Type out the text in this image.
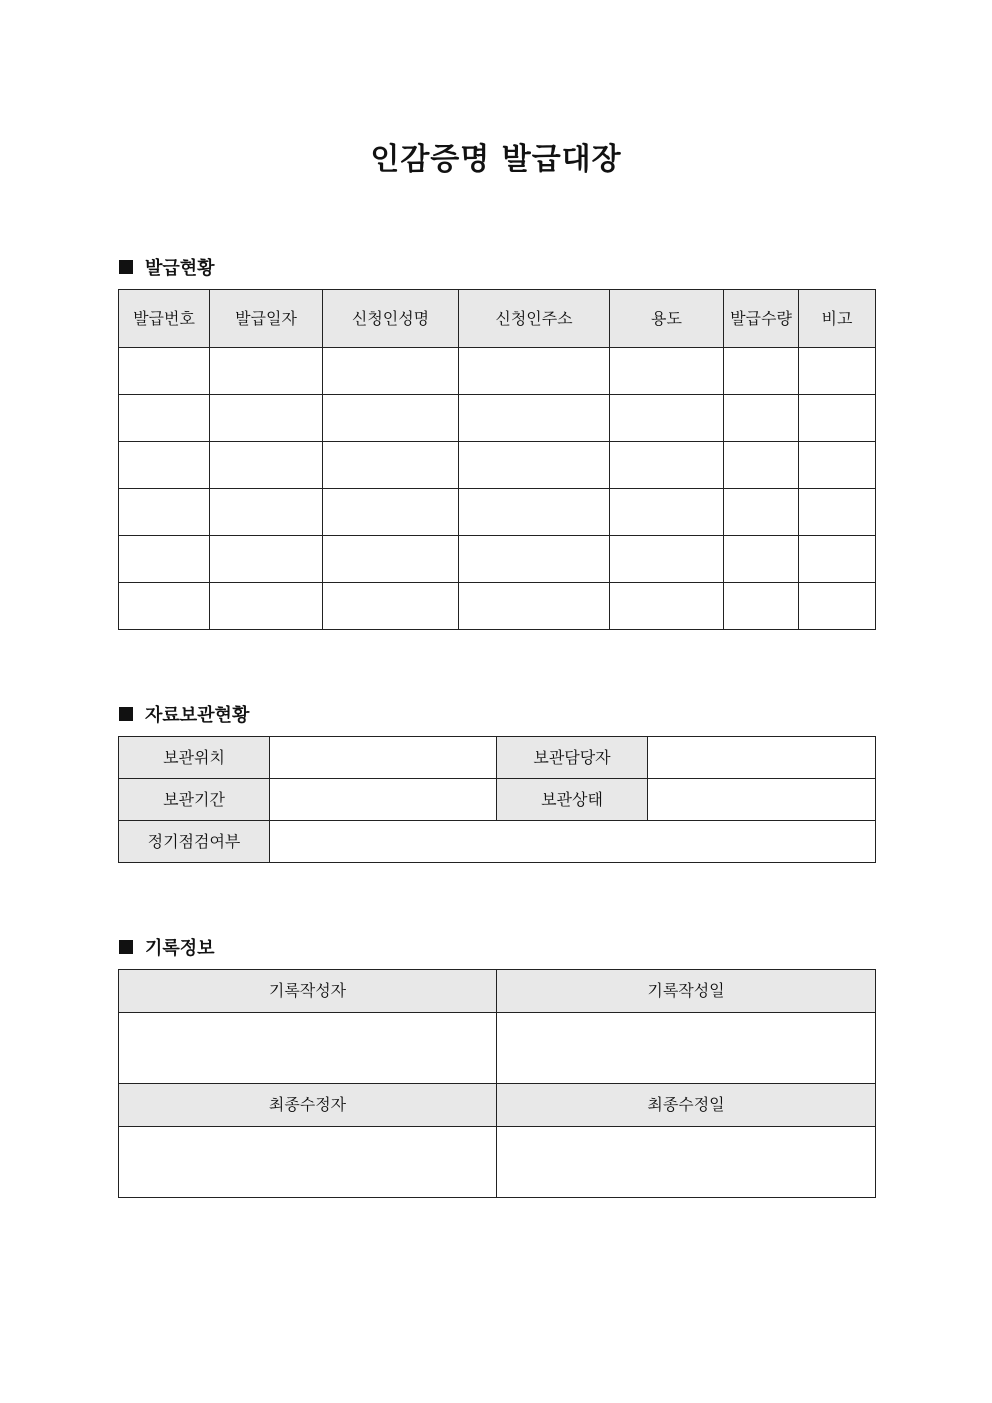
인감증명 발급대장
발급현황
발급번호	발급일자	신청인성명	신청인주소	용도	발급수량	비고

자료보관현황
보관위치		보관담당자	
보관기간		보관상태	
정기점검여부			
기록정보
기록작성자	기록작성일

최종수정자	최종수정일
